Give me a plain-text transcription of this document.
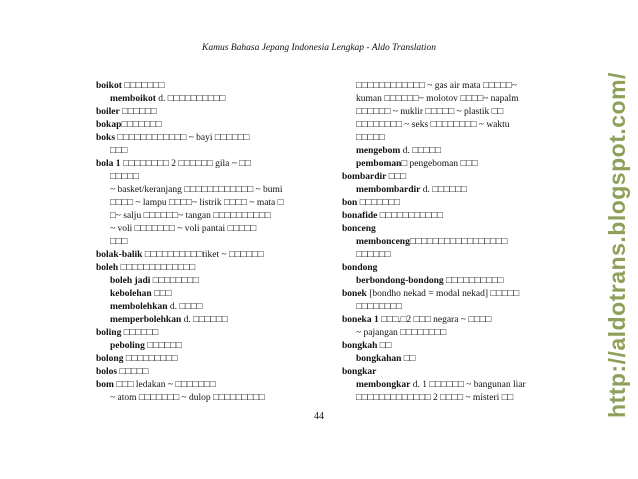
Kamus Bahasa Jepang Indonesia Lengkap - Aldo Translation
boikot □□□□□□□
memboikot d. □□□□□□□□□□
boiler □□□□□□
bokap□□□□□□□
boks □□□□□□□□□□□□ ~ bayi □□□□□□
□□□
bola 1 □□□□□□□□ 2 □□□□□□ gila ~ □□
□□□□□
~ basket/keranjang □□□□□□□□□□□□ ~ bumi
□□□□ ~ lampu □□□□~ listrik □□□□ ~ mata □
□~ salju □□□□□□~ tangan □□□□□□□□□□
~ voli □□□□□□□ ~ voli pantai □□□□□
□□□
bolak-balik □□□□□□□□□□tiket ~ □□□□□□
boleh □□□□□□□□□□□□□
boleh jadi □□□□□□□□
kebolehan □□□
membolehkan d. □□□□
memperbolehkan d. □□□□□□
boling □□□□□□
peboling □□□□□□
bolong □□□□□□□□□
bolos □□□□□
bom □□□ ledakan ~ □□□□□□□
~ atom □□□□□□□ ~ dulop □□□□□□□□□
□□□□□□□□□□□□ ~ gas air mata □□□□□~
kuman □□□□□□~ molotov □□□□~ napalm
□□□□□□ ~ nuklir □□□□□ ~ plastik □□
□□□□□□□□ ~ seks □□□□□□□□ ~ waktu
□□□□□
mengebom d. □□□□□
pemboman□ pengeboman □□□
bombardir □□□
membombardir d. □□□□□□
bon □□□□□□□
bonafide □□□□□□□□□□□
bonceng
membonceng□□□□□□□□□□□□□□□□□
□□□□□□
bondong
berbondong-bondong □□□□□□□□□□
bonek [bondho nekad = modal nekad] □□□□□
□□□□□□□□
boneka 1 □□□.□2 □□□ negara ~ □□□□
~ pajangan □□□□□□□□
bongkah □□
bongkahan □□
bongkar
membongkar d. 1 □□□□□□ ~ bangunan liar
□□□□□□□□□□□□□ 2 □□□□ ~ misteri □□
44	http://aldotrans.blogspot.com/
